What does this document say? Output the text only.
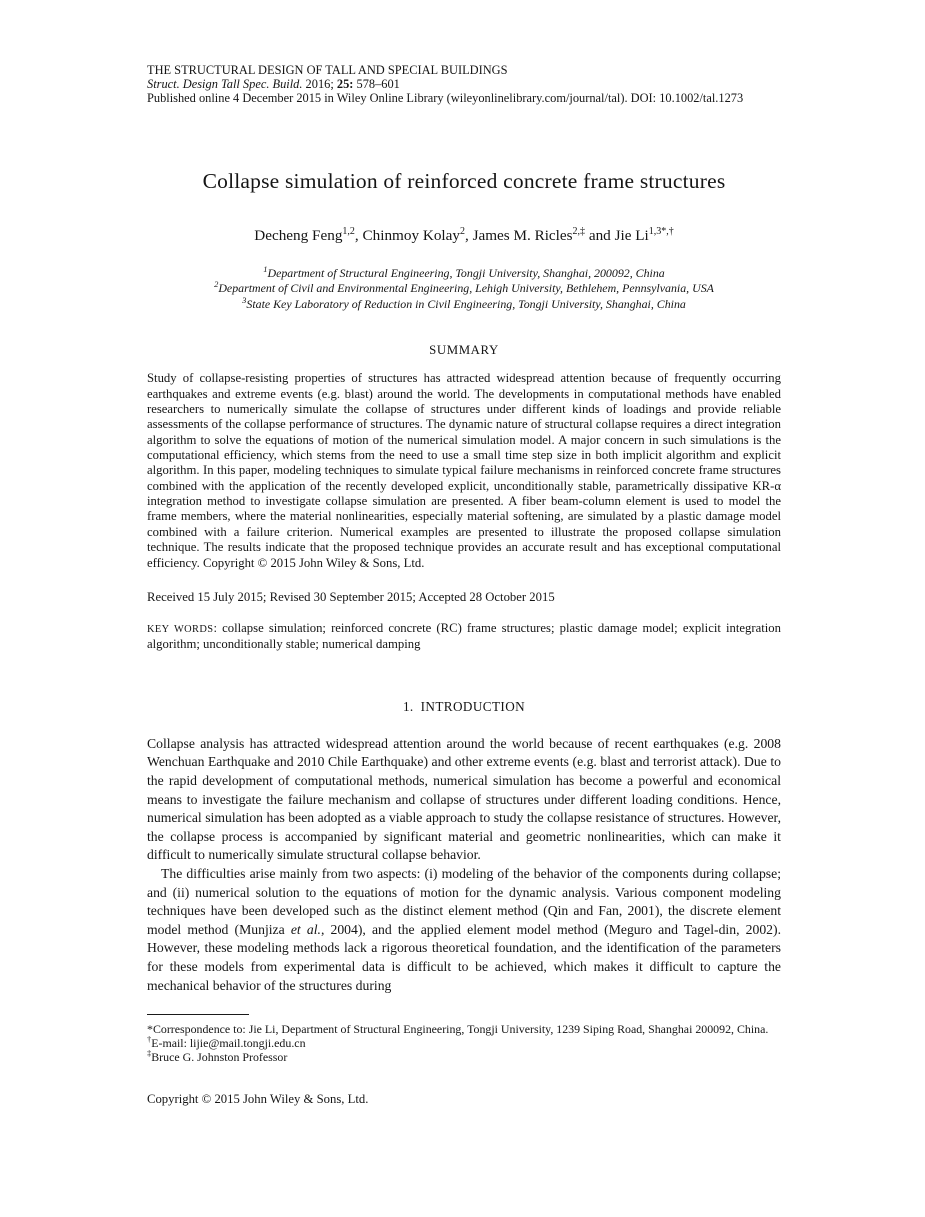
THE STRUCTURAL DESIGN OF TALL AND SPECIAL BUILDINGS
Struct. Design Tall Spec. Build. 2016; 25: 578–601
Published online 4 December 2015 in Wiley Online Library (wileyonlinelibrary.com/journal/tal). DOI: 10.1002/tal.1273
Collapse simulation of reinforced concrete frame structures
Decheng Feng$^{1,2}$, Chinmoy Kolay$^2$, James M. Ricles$^{2,\ddagger}$ and Jie $Li^{1,3*,\dagger}$
$^1$Department of Structural Engineering, Tongji University, Shanghai, 200092, China
$^2$Department of Civil and Environmental Engineering, Lehigh University, Bethlehem, Pennsylvania, USA
$^3$State Key Laboratory of Reduction in Civil Engineering, Tongji University, Shanghai, China
SUMMARY

Study of collapse-resisting properties of structures has attracted widespread attention because of frequently occurring earthquakes and extreme events (e.g. blast) around the world. The developments in computational methods have enabled researchers to numerically simulate the collapse of structures under different kinds of loadings and provide reliable assessments of the collapse performance of structures. The dynamic nature of structural collapse requires a direct integration algorithm to solve the equations of motion of the numerical simulation model. A major concern in such simulations is the computational efficiency, which stems from the need to use a small time step size in both implicit algorithm and explicit algorithm. In this paper, modeling techniques to simulate typical failure mechanisms in reinforced concrete frame structures combined with the application of the recently developed explicit, unconditionally stable, parametrically dissipative KR-α integration method to investigate collapse simulation are presented. A fiber beam-column element is used to model the frame members, where the material nonlinearities, especially material softening, are simulated by a plastic damage model combined with a failure criterion. Numerical examples are presented to illustrate the proposed collapse simulation technique. The results indicate that the proposed technique provides an accurate result and has exceptional computational efficiency. Copyright © 2015 John Wiley & Sons, Ltd.

Received 15 July 2015; Revised 30 September 2015; Accepted 28 October 2015

KEY WORDS: collapse simulation; reinforced concrete (RC) frame structures; plastic damage model; explicit integration algorithm; unconditionally stable; numerical damping

1. INTRODUCTION

Collapse analysis has attracted widespread attention around the world because of recent earthquakes (e.g. 2008 Wenchuan Earthquake and 2010 Chile Earthquake) and other extreme events (e.g. blast and terrorist attack). Due to the rapid development of computational methods, numerical simulation has become a powerful and economical means to investigate the failure mechanism and collapse of structures under different loading conditions. Hence, numerical simulation has been adopted as a viable approach to study the collapse resistance of structures. However, the collapse process is accompanied by significant material and geometric nonlinearities, which can make it difficult to numerically simulate structural collapse behavior.

The difficulties arise mainly from two aspects: (i) modeling of the behavior of the components during collapse; and (ii) numerical solution to the equations of motion for the dynamic analysis. Various component modeling techniques have been developed such as the distinct element method (Qin and Fan, 2001), the discrete element model method (Munjiza et al., 2004), and the applied element model method (Meguro and Tagel-din, 2002). However, these modeling methods lack a rigorous theoretical foundation, and the identification of the parameters for these models from experimental data is difficult to be achieved, which makes it difficult to capture the mechanical behavior of the structures during

*Correspondence to: Jie Li, Department of Structural Engineering, Tongji University, 1239 Siping Road, Shanghai 200092, China.

†E-mail: lijie@mail.tongji.edu.cn

‡Bruce G. Johnston Professor

Copyright © 2015 John Wiley & Sons, Ltd.
